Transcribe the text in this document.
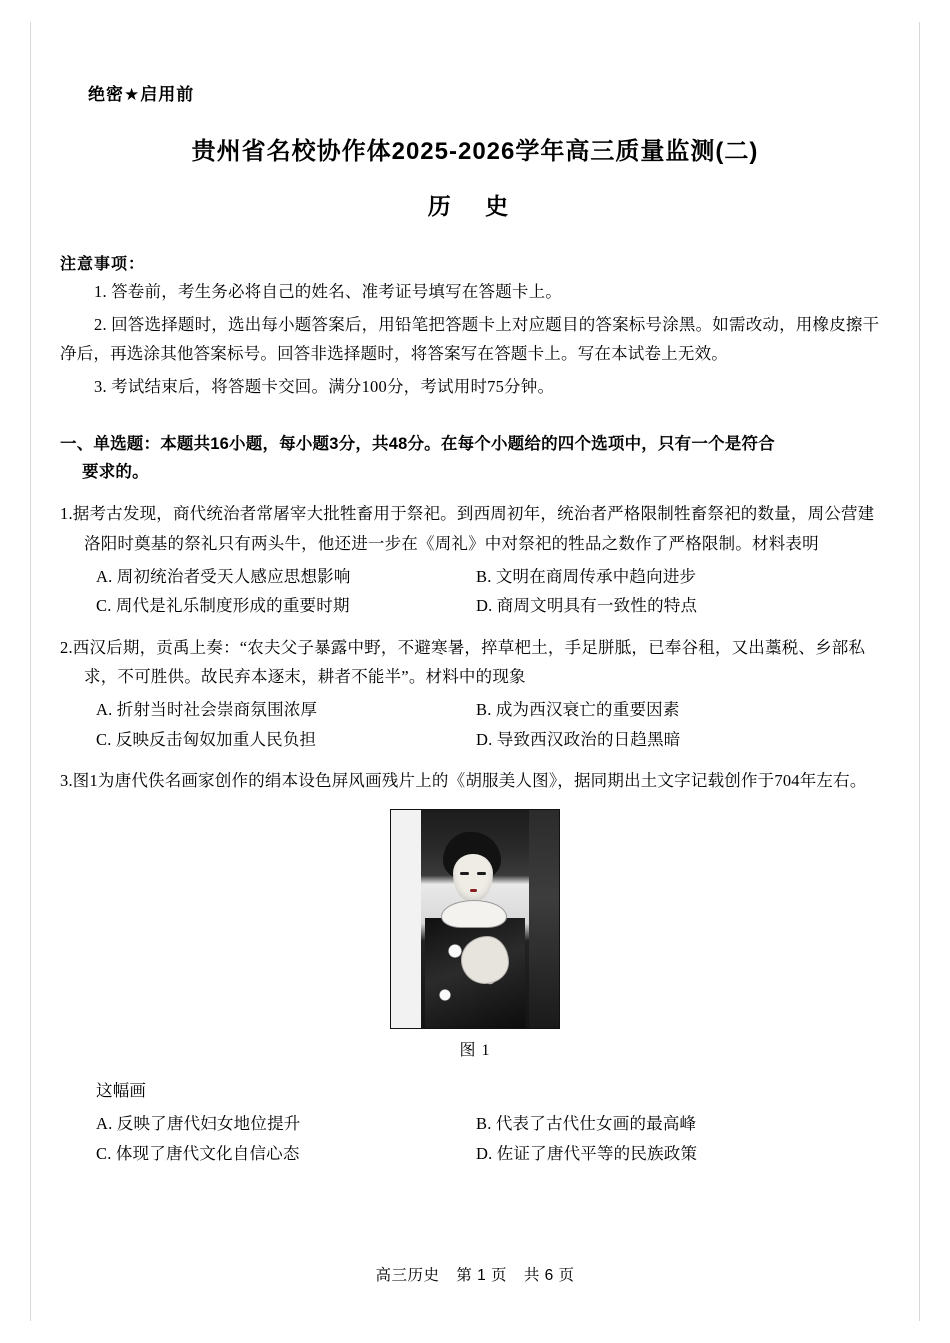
绝密★启用前
贵州省名校协作体2025-2026学年高三质量监测(二)
历 史
注意事项：
1. 答卷前，考生务必将自己的姓名、准考证号填写在答题卡上。
2. 回答选择题时，选出每小题答案后，用铅笔把答题卡上对应题目的答案标号涂黑。如需改动，用橡皮擦干净后，再选涂其他答案标号。回答非选择题时，将答案写在答题卡上。写在本试卷上无效。
3. 考试结束后，将答题卡交回。满分100分，考试用时75分钟。
一、单选题：本题共16小题，每小题3分，共48分。在每个小题给的四个选项中，只有一个是符合
要求的。
1.据考古发现，商代统治者常屠宰大批牲畜用于祭祀。到西周初年，统治者严格限制牲畜祭祀的数量，周公营建洛阳时奠基的祭礼只有两头牛，他还进一步在《周礼》中对祭祀的牲品之数作了严格限制。材料表明
A. 周初统治者受天人感应思想影响	B. 文明在商周传承中趋向进步
C. 周代是礼乐制度形成的重要时期	D. 商周文明具有一致性的特点
2.西汉后期，贡禹上奏：“农夫父子暴露中野，不避寒暑，捽草杷土，手足胼胝，已奉谷租，又出藁税、乡部私求，不可胜供。故民弃本逐末，耕者不能半”。材料中的现象
A. 折射当时社会崇商氛围浓厚	B. 成为西汉衰亡的重要因素
C. 反映反击匈奴加重人民负担	D. 导致西汉政治的日趋黑暗
3.图1为唐代佚名画家创作的绢本设色屏风画残片上的《胡服美人图》，据同期出土文字记载创作于704年左右。
图 1
这幅画
A. 反映了唐代妇女地位提升	B. 代表了古代仕女画的最高峰
C. 体现了唐代文化自信心态	D. 佐证了唐代平等的民族政策
高三历史 第 1 页 共 6 页
